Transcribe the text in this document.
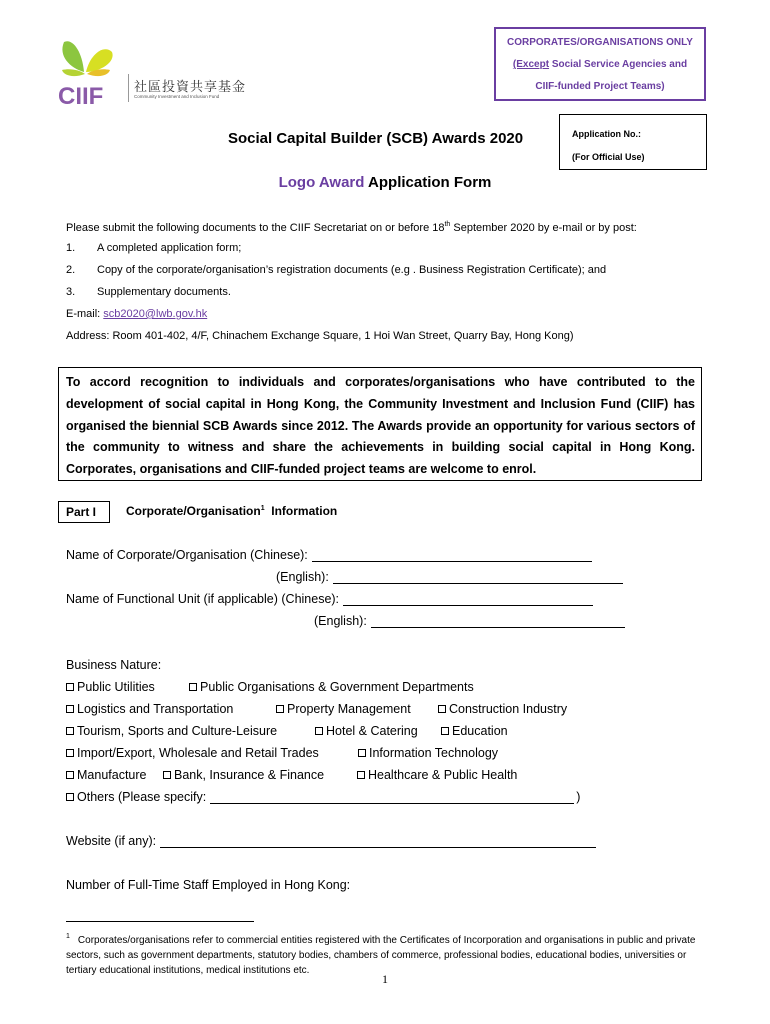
CIIF 社區投資共享基金
Community Investment and Inclusion Fund
CORPORATES/ORGANISATIONS ONLY
(Except Social Service Agencies and
CIIF-funded Project Teams)
Application No.:
(For Official Use)
Social Capital Builder (SCB) Awards 2020
Logo Award Application Form
Please submit the following documents to the CIIF Secretariat on or before 18th September 2020 by e-mail or by post:
1. A completed application form;
2. Copy of the corporate/organisation’s registration documents (e.g . Business Registration Certificate); and
3. Supplementary documents.
E-mail: scb2020@lwb.gov.hk
Address: Room 401-402, 4/F, Chinachem Exchange Square, 1 Hoi Wan Street, Quarry Bay, Hong Kong)
To accord recognition to individuals and corporates/organisations who have contributed to the development of social capital in Hong Kong, the Community Investment and Inclusion Fund (CIIF) has organised the biennial SCB Awards since 2012. The Awards provide an opportunity for various sectors of the community to witness and share the achievements in building social capital in Hong Kong. Corporates, organisations and CIIF-funded project teams are welcome to enrol.
Part I	Corporate/Organisation$^1$  Information
Name of Corporate/Organisation (Chinese):
(English):
Name of Functional Unit (if applicable) (Chinese):
(English):
Business Nature:
Public Utilities	Public Organisations & Government Departments
Logistics and Transportation	Property Management	Construction Industry
Tourism, Sports and Culture-Leisure	Hotel & Catering	Education
Import/Export, Wholesale and Retail Trades	Information Technology
Manufacture Bank, Insurance & Finance	Healthcare & Public Health
Others (Please specify:	)
Website (if any):
Number of Full-Time Staff Employed in Hong Kong:
$^1$ Corporates/organisations refer to commercial entities registered with the Certificates of Incorporation and organisations in public and private sectors, such as government departments, statutory bodies, chambers of commerce, professional bodies, educational bodies, universities or tertiary educational institutions, medical institutions etc.
1
